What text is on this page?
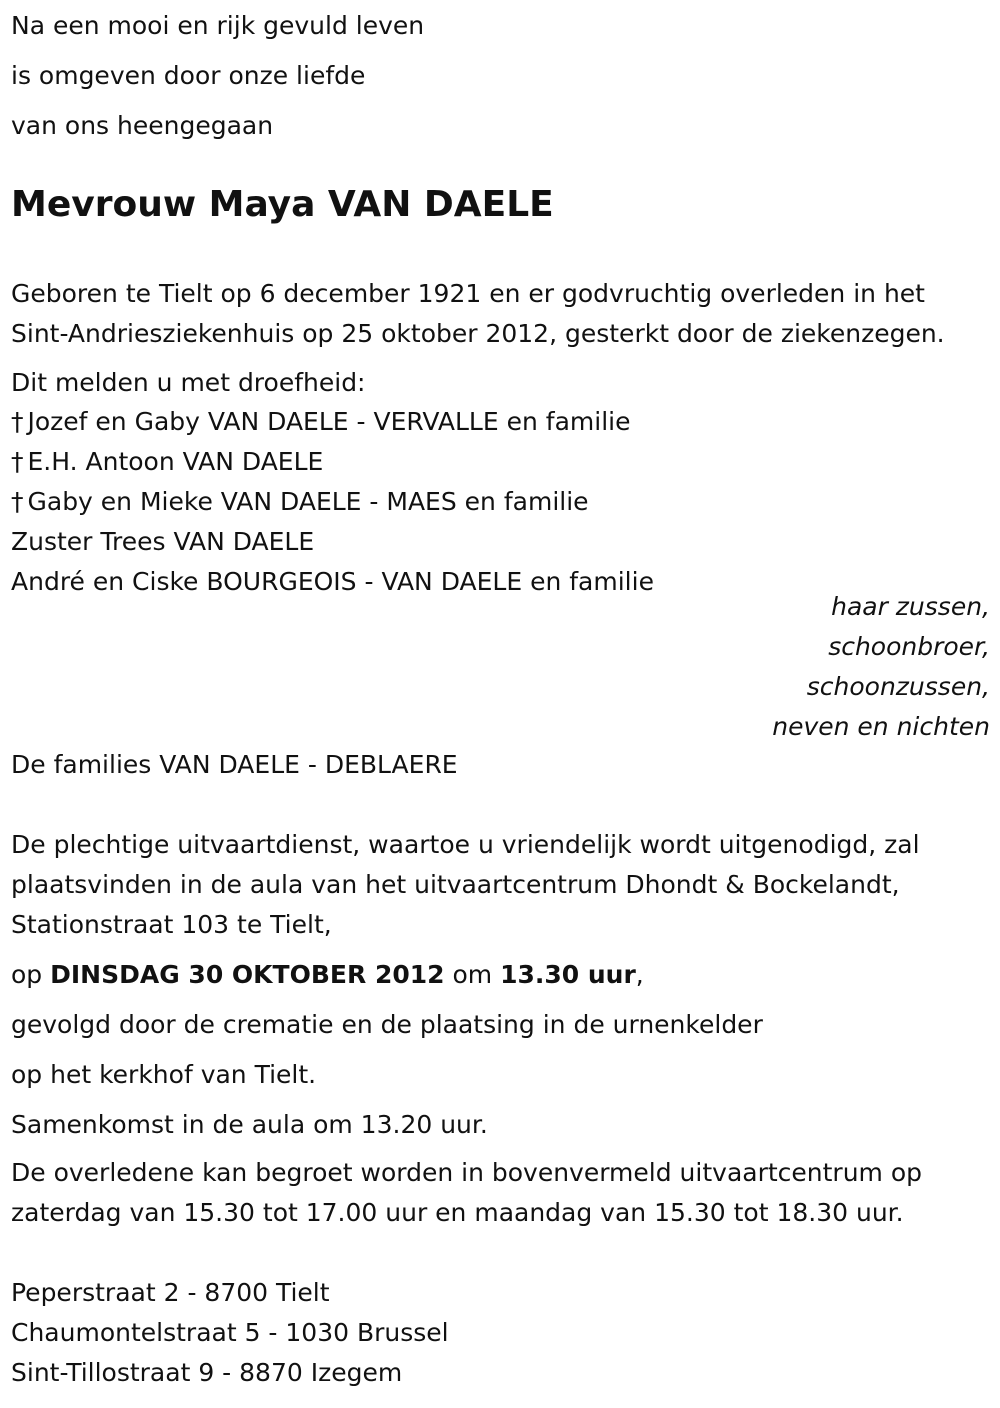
Na een mooi en rijk gevuld leven
is omgeven door onze liefde
van ons heengegaan
Mevrouw Maya VAN DAELE
Geboren te Tielt op 6 december 1921 en er godvruchtig overleden in het
Sint-Andriesziekenhuis op 25 oktober 2012, gesterkt door de ziekenzegen.
Dit melden u met droefheid:
† Jozef en Gaby VAN DAELE - VERVALLE en familie
† E.H. Antoon VAN DAELE
† Gaby en Mieke VAN DAELE - MAES en familie
Zuster Trees VAN DAELE
André en Ciske BOURGEOIS - VAN DAELE en familie
haar zussen,
schoonbroer,
schoonzussen,
neven en nichten
De families VAN DAELE - DEBLAERE
De plechtige uitvaartdienst, waartoe u vriendelijk wordt uitgenodigd, zal
plaatsvinden in de aula van het uitvaartcentrum Dhondt & Bockelandt,
Stationstraat 103 te Tielt,
op DINSDAG 30 OKTOBER 2012 om 13.30 uur,
gevolgd door de crematie en de plaatsing in de urnenkelder
op het kerkhof van Tielt.
Samenkomst in de aula om 13.20 uur.
De overledene kan begroet worden in bovenvermeld uitvaartcentrum op
zaterdag van 15.30 tot 17.00 uur en maandag van 15.30 tot 18.30 uur.
Peperstraat 2 - 8700 Tielt
Chaumontelstraat 5 - 1030 Brussel
Sint-Tillostraat 9 - 8870 Izegem
